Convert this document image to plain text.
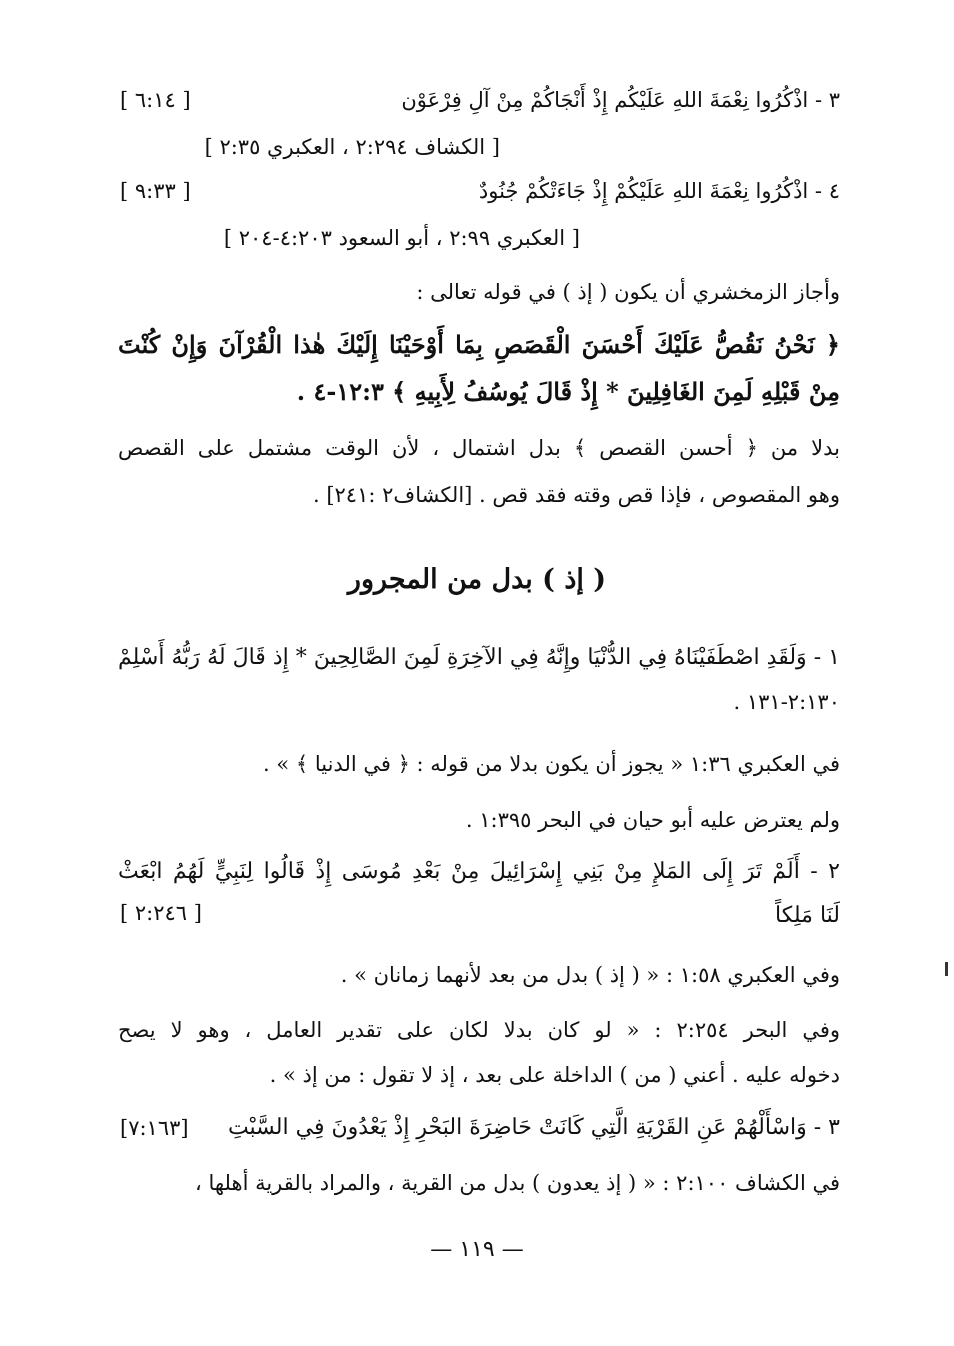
٣ - اذْكُرُوا نِعْمَةَ اللهِ عَلَيْكُم إِذْ أَنْجَاكُمْ مِنْ آلِ فِرْعَوْن
[ ٦:١٤ ]
[ الكشاف ٢:٢٩٤ ، العكبري ٢:٣٥ ]
٤ - اذْكُرُوا نِعْمَةَ اللهِ عَلَيْكُمْ إِذْ جَاءَتْكُمْ جُنُودٌ
[ ٩:٣٣ ]
[ العكبري ٢:٩٩ ، أبو السعود ٤:٢٠٣-٢٠٤ ]
وأجاز الزمخشري أن يكون ( إذ ) في قوله تعالى :
﴿ نَحْنُ نَقُصُّ عَلَيْكَ أَحْسَنَ الْقَصَصِ بِمَا أَوْحَيْنَا إِلَيْكَ هٰذا الْقُرْآنَ وَإِنْ كُنْتَ
مِنْ قَبْلِهِ لَمِنَ الغَافِلِينَ * إِذْ قَالَ يُوسُفُ لِأَبِيهِ ﴾ ١٢:٣-٤ .
بدلا من ﴿ أحسن القصص ﴾ بدل اشتمال ، لأن الوقت مشتمل على القصص
وهو المقصوص ، فإذا قص وقته فقد قص . [الكشاف٢ :٢٤١] .
( إذ ) بدل من المجرور
١ - وَلَقَدِ اصْطَفَيْنَاهُ فِي الدُّنْيَا وإِنَّهُ فِي الآخِرَةِ لَمِنَ الصَّالِحِينَ * إِذ قَالَ لَهُ رَبُّهُ أَسْلِمْ
٢:١٣٠-١٣١ .
في العكبري ١:٣٦ « يجوز أن يكون بدلا من قوله : ﴿ في الدنيا ﴾ » .
ولم يعترض عليه أبو حيان في البحر ١:٣٩٥ .
٢ - أَلَمْ تَرَ إِلَى المَلإِ مِنْ بَنِي إِسْرَائِيلَ مِنْ بَعْدِ مُوسَى إِذْ قَالُوا لِنَبِيٍّ لَهُمُ ابْعَثْ
لَنَا مَلِكاً
[ ٢:٢٤٦ ]
وفي العكبري ١:٥٨ : « ( إذ ) بدل من بعد لأنهما زمانان » .
وفي البحر ٢:٢٥٤ : « لو كان بدلا لكان على تقدير العامل ، وهو لا يصح
دخوله عليه . أعني ( من ) الداخلة على بعد ، إذ لا تقول : من إذ » .
٣ - وَاسْأَلْهُمْ عَنِ القَرْيَةِ الَّتِي كَانَتْ حَاضِرَةَ البَحْرِ إِذْ يَعْدُونَ فِي السَّبْتِ
[٧:١٦٣]
في الكشاف ٢:١٠٠ : « ( إذ يعدون ) بدل من القرية ، والمراد بالقرية أهلها ،
— ١١٩ —
